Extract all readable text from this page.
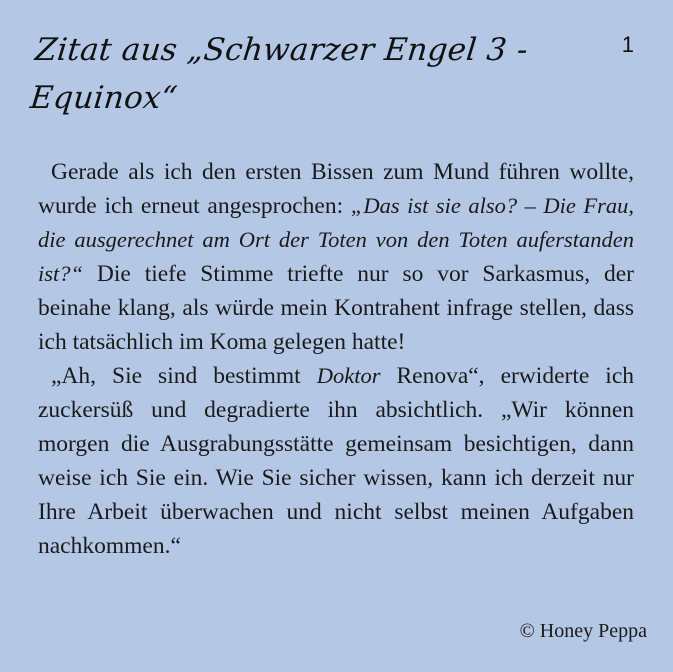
Zitat aus „Schwarzer Engel 3 - Equinox“
1

Gerade als ich den ersten Bissen zum Mund führen wollte, wurde ich erneut angesprochen: „Das ist sie also? – Die Frau, die ausgerechnet am Ort der Toten von den Toten auferstanden ist?“ Die tiefe Stimme triefte nur so vor Sarkasmus, der beinahe klang, als würde mein Kontrahent infrage stellen, dass ich tatsächlich im Koma gelegen hatte!

„Ah, Sie sind bestimmt Doktor Renova“, erwiderte ich zuckersüß und degradierte ihn absichtlich. „Wir können morgen die Ausgrabungsstätte gemeinsam besichtigen, dann weise ich Sie ein. Wie Sie sicher wissen, kann ich derzeit nur Ihre Arbeit überwachen und nicht selbst meinen Aufgaben nachkommen.“

© Honey Peppa
